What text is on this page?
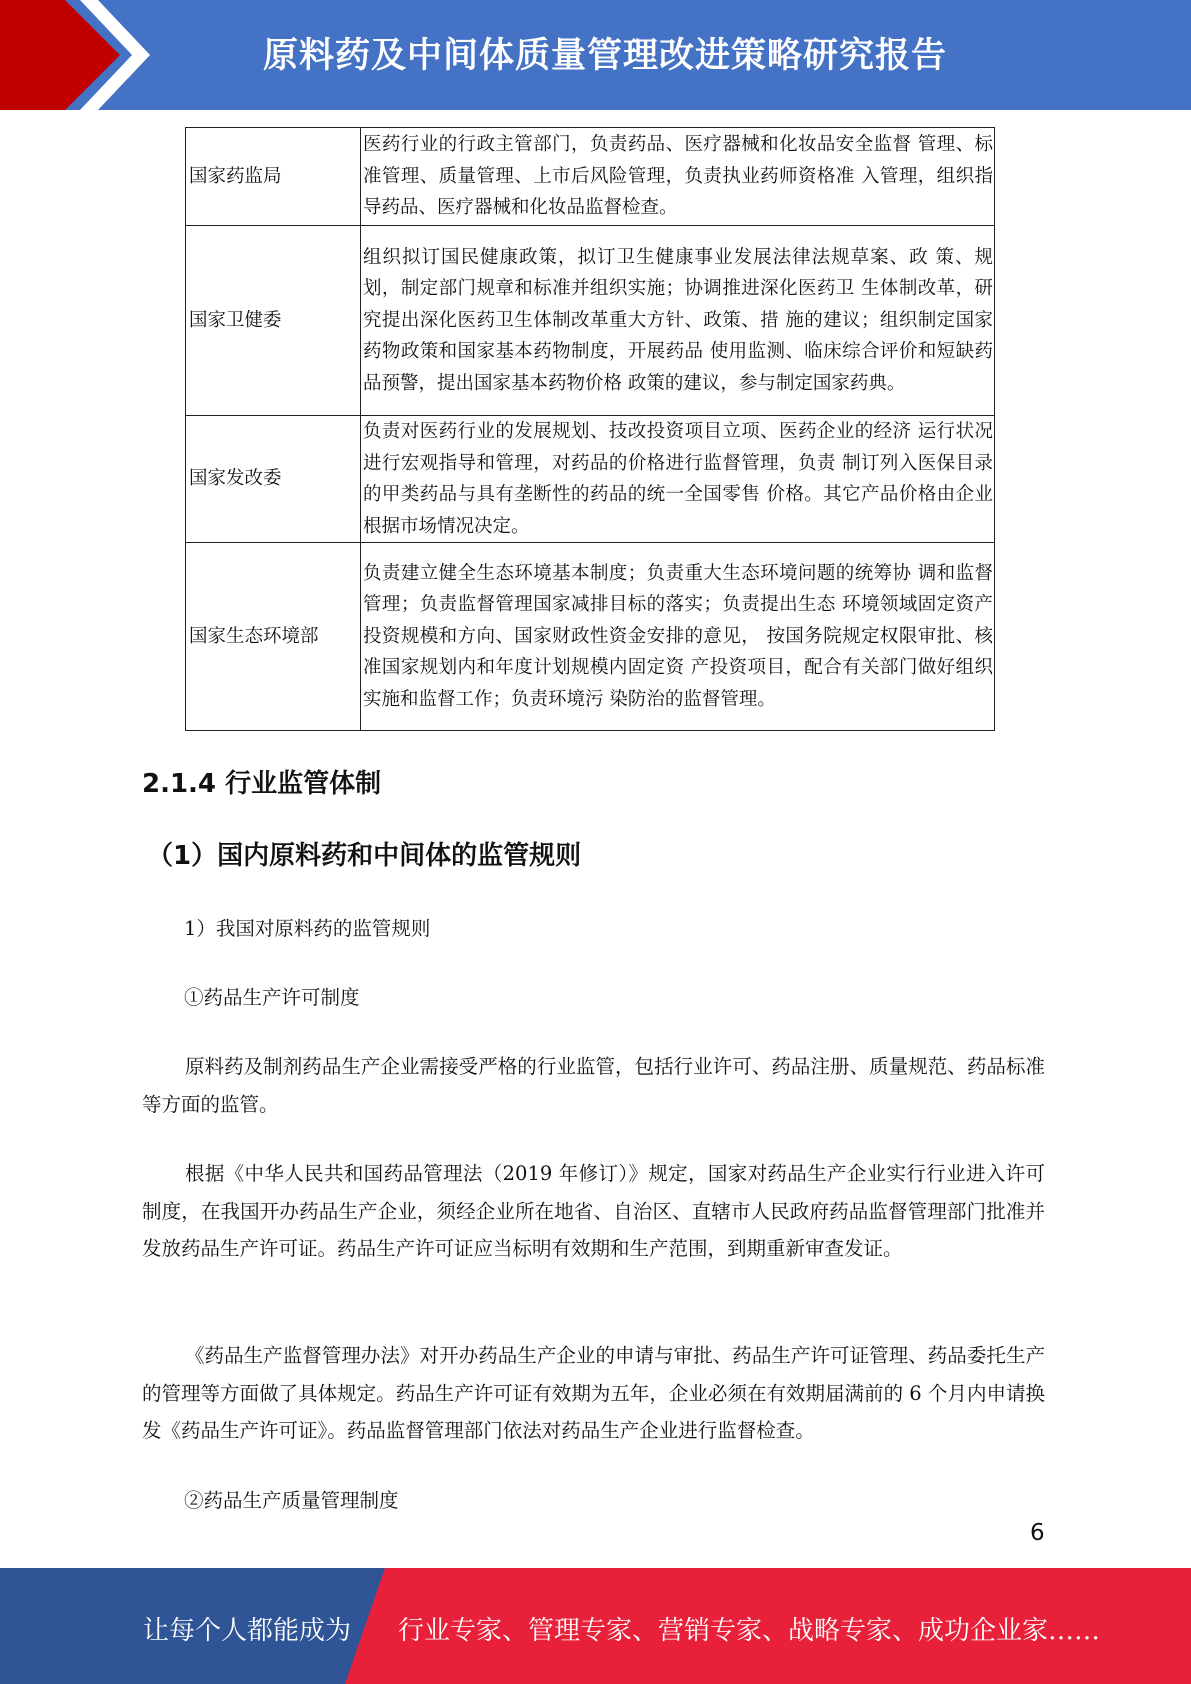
原料药及中间体质量管理改进策略研究报告
国家药监局	医药行业的行政主管部门，负责药品、医疗器械和化妆品安全监督 管理、标准管理、质量管理、上市后风险管理，负责执业药师资格准 入管理，组织指导药品、医疗器械和化妆品监督检查。
国家卫健委	组织拟订国民健康政策，拟订卫生健康事业发展法律法规草案、政 策、规划，制定部门规章和标准并组织实施；协调推进深化医药卫 生体制改革，研究提出深化医药卫生体制改革重大方针、政策、措 施的建议；组织制定国家药物政策和国家基本药物制度，开展药品 使用监测、临床综合评价和短缺药品预警，提出国家基本药物价格 政策的建议，参与制定国家药典。
国家发改委	负责对医药行业的发展规划、技改投资项目立项、医药企业的经济 运行状况进行宏观指导和管理，对药品的价格进行监督管理，负责 制订列入医保目录的甲类药品与具有垄断性的药品的统一全国零售 价格。其它产品价格由企业根据市场情况决定。
国家生态环境部	负责建立健全生态环境基本制度；负责重大生态环境问题的统筹协 调和监督管理；负责监督管理国家减排目标的落实；负责提出生态 环境领域固定资产投资规模和方向、国家财政性资金安排的意见， 按国务院规定权限审批、核准国家规划内和年度计划规模内固定资 产投资项目，配合有关部门做好组织实施和监督工作；负责环境污 染防治的监督管理。
2.1.4 行业监管体制
（1）国内原料药和中间体的监管规则
1）我国对原料药的监管规则
①药品生产许可制度
原料药及制剂药品生产企业需接受严格的行业监管，包括行业许可、药品注册、质量规范、药品标准等方面的监管。
根据《中华人民共和国药品管理法（2019 年修订）》规定，国家对药品生产企业实行行业进入许可制度，在我国开办药品生产企业，须经企业所在地省、自治区、直辖市人民政府药品监督管理部门批准并发放药品生产许可证。药品生产许可证应当标明有效期和生产范围，到期重新审查发证。
《药品生产监督管理办法》对开办药品生产企业的申请与审批、药品生产许可证管理、药品委托生产的管理等方面做了具体规定。药品生产许可证有效期为五年，企业必须在有效期届满前的 6 个月内申请换发《药品生产许可证》。药品监督管理部门依法对药品生产企业进行监督检查。
②药品生产质量管理制度
6
让每个人都能成为 行业专家、管理专家、营销专家、战略专家、成功企业家……
